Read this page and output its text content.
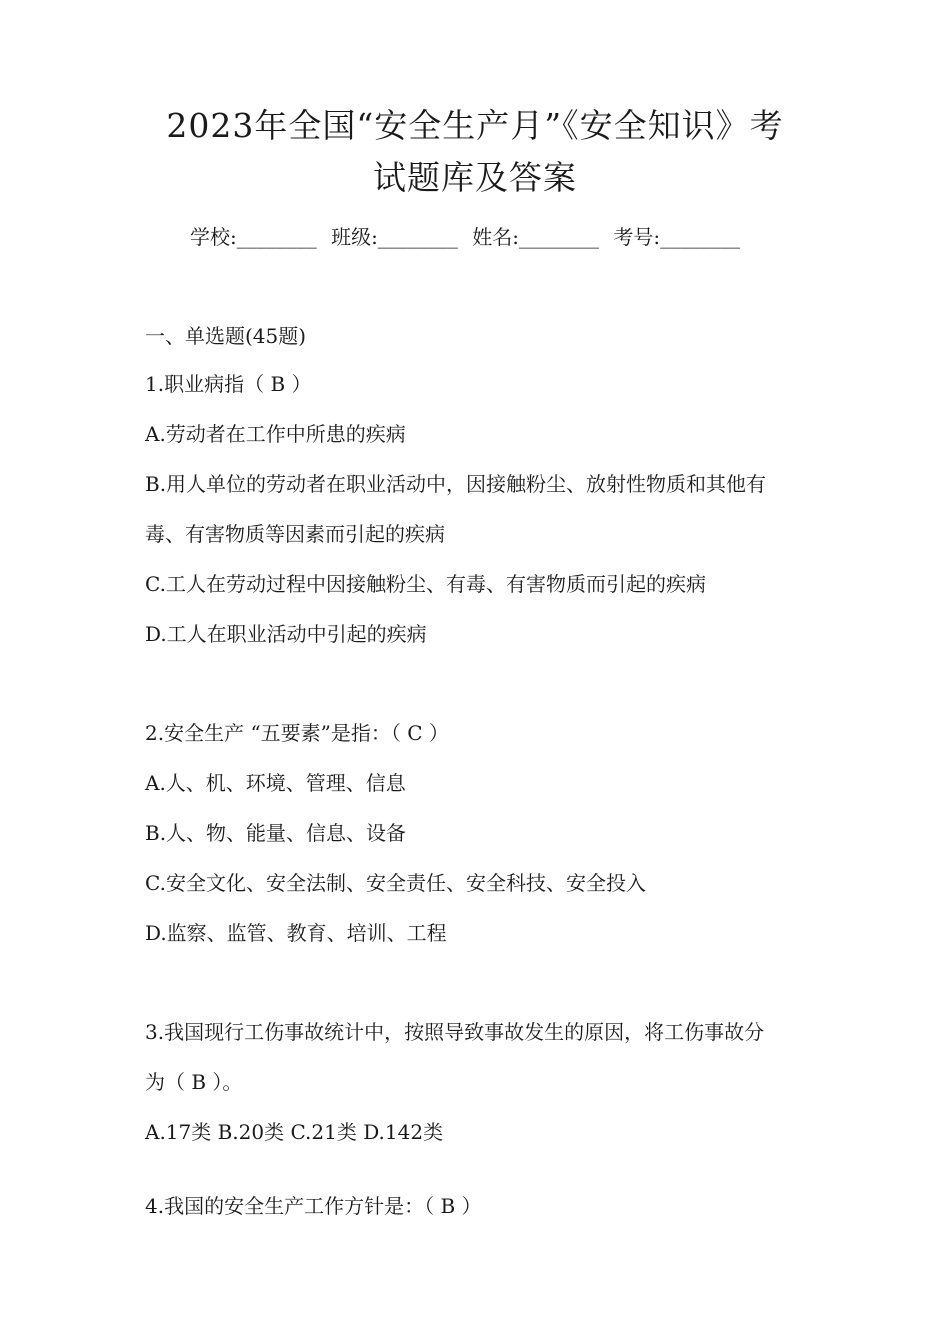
2023年全国“安全生产月”《安全知识》考
试题库及答案
学校:________ 班级:________ 姓名:________ 考号:________
一、单选题(45题)
1.职业病指（ B ）
A.劳动者在工作中所患的疾病
B.用人单位的劳动者在职业活动中，因接触粉尘、放射性物质和其他有
毒、有害物质等因素而引起的疾病
C.工人在劳动过程中因接触粉尘、有毒、有害物质而引起的疾病
D.工人在职业活动中引起的疾病
2.安全生产 “五要素”是指：（ C ）
A.人、机、环境、管理、信息
B.人、物、能量、信息、设备
C.安全文化、安全法制、安全责任、安全科技、安全投入
D.监察、监管、教育、培训、工程
3.我国现行工伤事故统计中，按照导致事故发生的原因，将工伤事故分
为（ B ）。
A.17类 B.20类 C.21类 D.142类
4.我国的安全生产工作方针是：（ B ）
